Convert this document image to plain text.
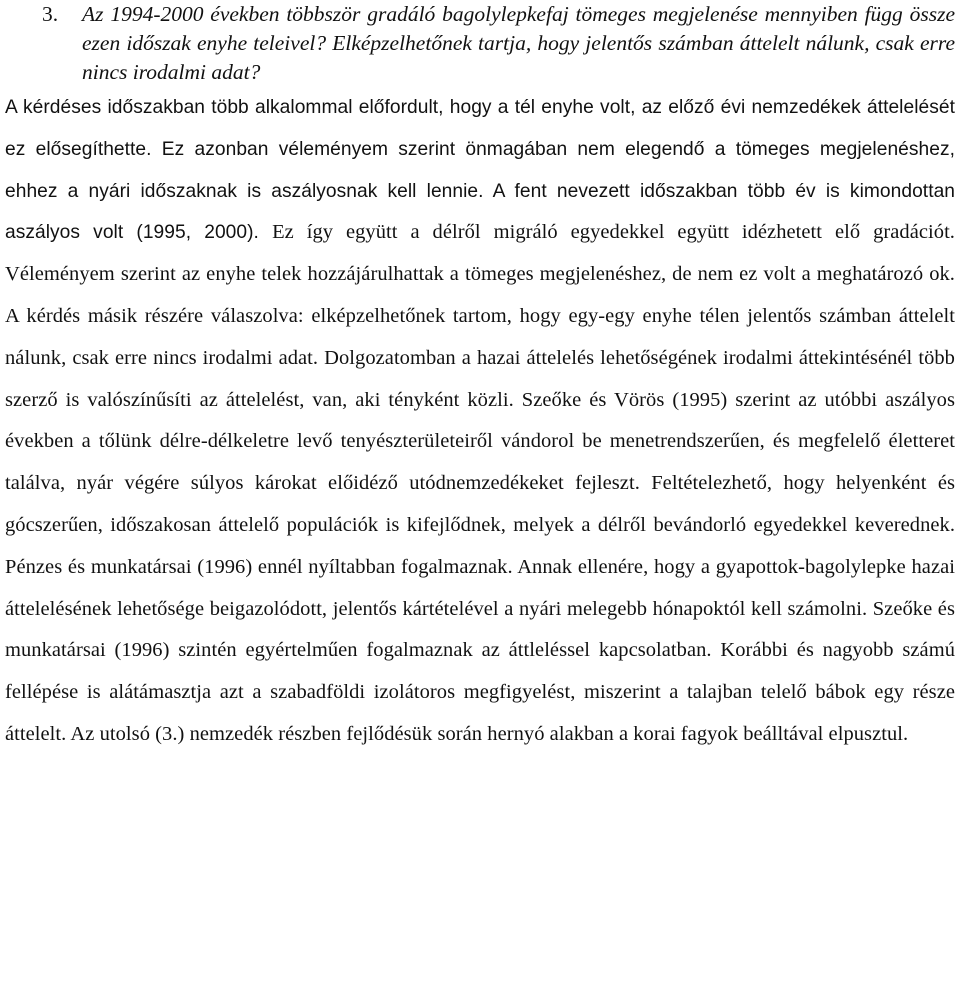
3. Az 1994-2000 években többször gradáló bagolylepkefaj tömeges megjelenése mennyiben függ össze ezen időszak enyhe teleivel? Elképzelhetőnek tartja, hogy jelentős számban áttelelt nálunk, csak erre nincs irodalmi adat?

A kérdéses időszakban több alkalommal előfordult, hogy a tél enyhe volt, az előző évi nemzedékek áttelelését ez elősegíthette. Ez azonban véleményem szerint önmagában nem elegendő a tömeges megjelenéshez, ehhez a nyári időszaknak is aszályosnak kell lennie. A fent nevezett időszakban több év is kimondottan aszályos volt (1995, 2000). Ez így együtt a délről migráló egyedekkel együtt idézhetett elő gradációt. Véleményem szerint az enyhe telek hozzájárulhattak a tömeges megjelenéshez, de nem ez volt a meghatározó ok. A kérdés másik részére válaszolva: elképzelhetőnek tartom, hogy egy-egy enyhe télen jelentős számban áttelelt nálunk, csak erre nincs irodalmi adat. Dolgozatomban a hazai áttelelés lehetőségének irodalmi áttekintésénél több szerző is valószínűsíti az áttelelést, van, aki tényként közli. Szeőke és Vörös (1995) szerint az utóbbi aszályos években a tőlünk délre-délkeletre levő tenyészterületeiről vándorol be menetrendszerűen, és megfelelő életteret találva, nyár végére súlyos károkat előidéző utódnemzedékeket fejleszt. Feltételezhető, hogy helyenként és gócszerűen, időszakosan áttelelő populációk is kifejlődnek, melyek a délről bevándorló egyedekkel keverednek. Pénzes és munkatársai (1996) ennél nyíltabban fogalmaznak. Annak ellenére, hogy a gyapottok-bagolylepke hazai áttelelésének lehetősége beigazolódott, jelentős kártételével a nyári melegebb hónapoktól kell számolni. Szeőke és munkatársai (1996) szintén egyértelműen fogalmaznak az áttleléssel kapcsolatban. Korábbi és nagyobb számú fellépése is alátámasztja azt a szabadföldi izolátoros megfigyelést, miszerint a talajban telelő bábok egy része áttelelt. Az utolsó (3.) nemzedék részben fejlődésük során hernyó alakban a korai fagyok beálltával elpusztul.
